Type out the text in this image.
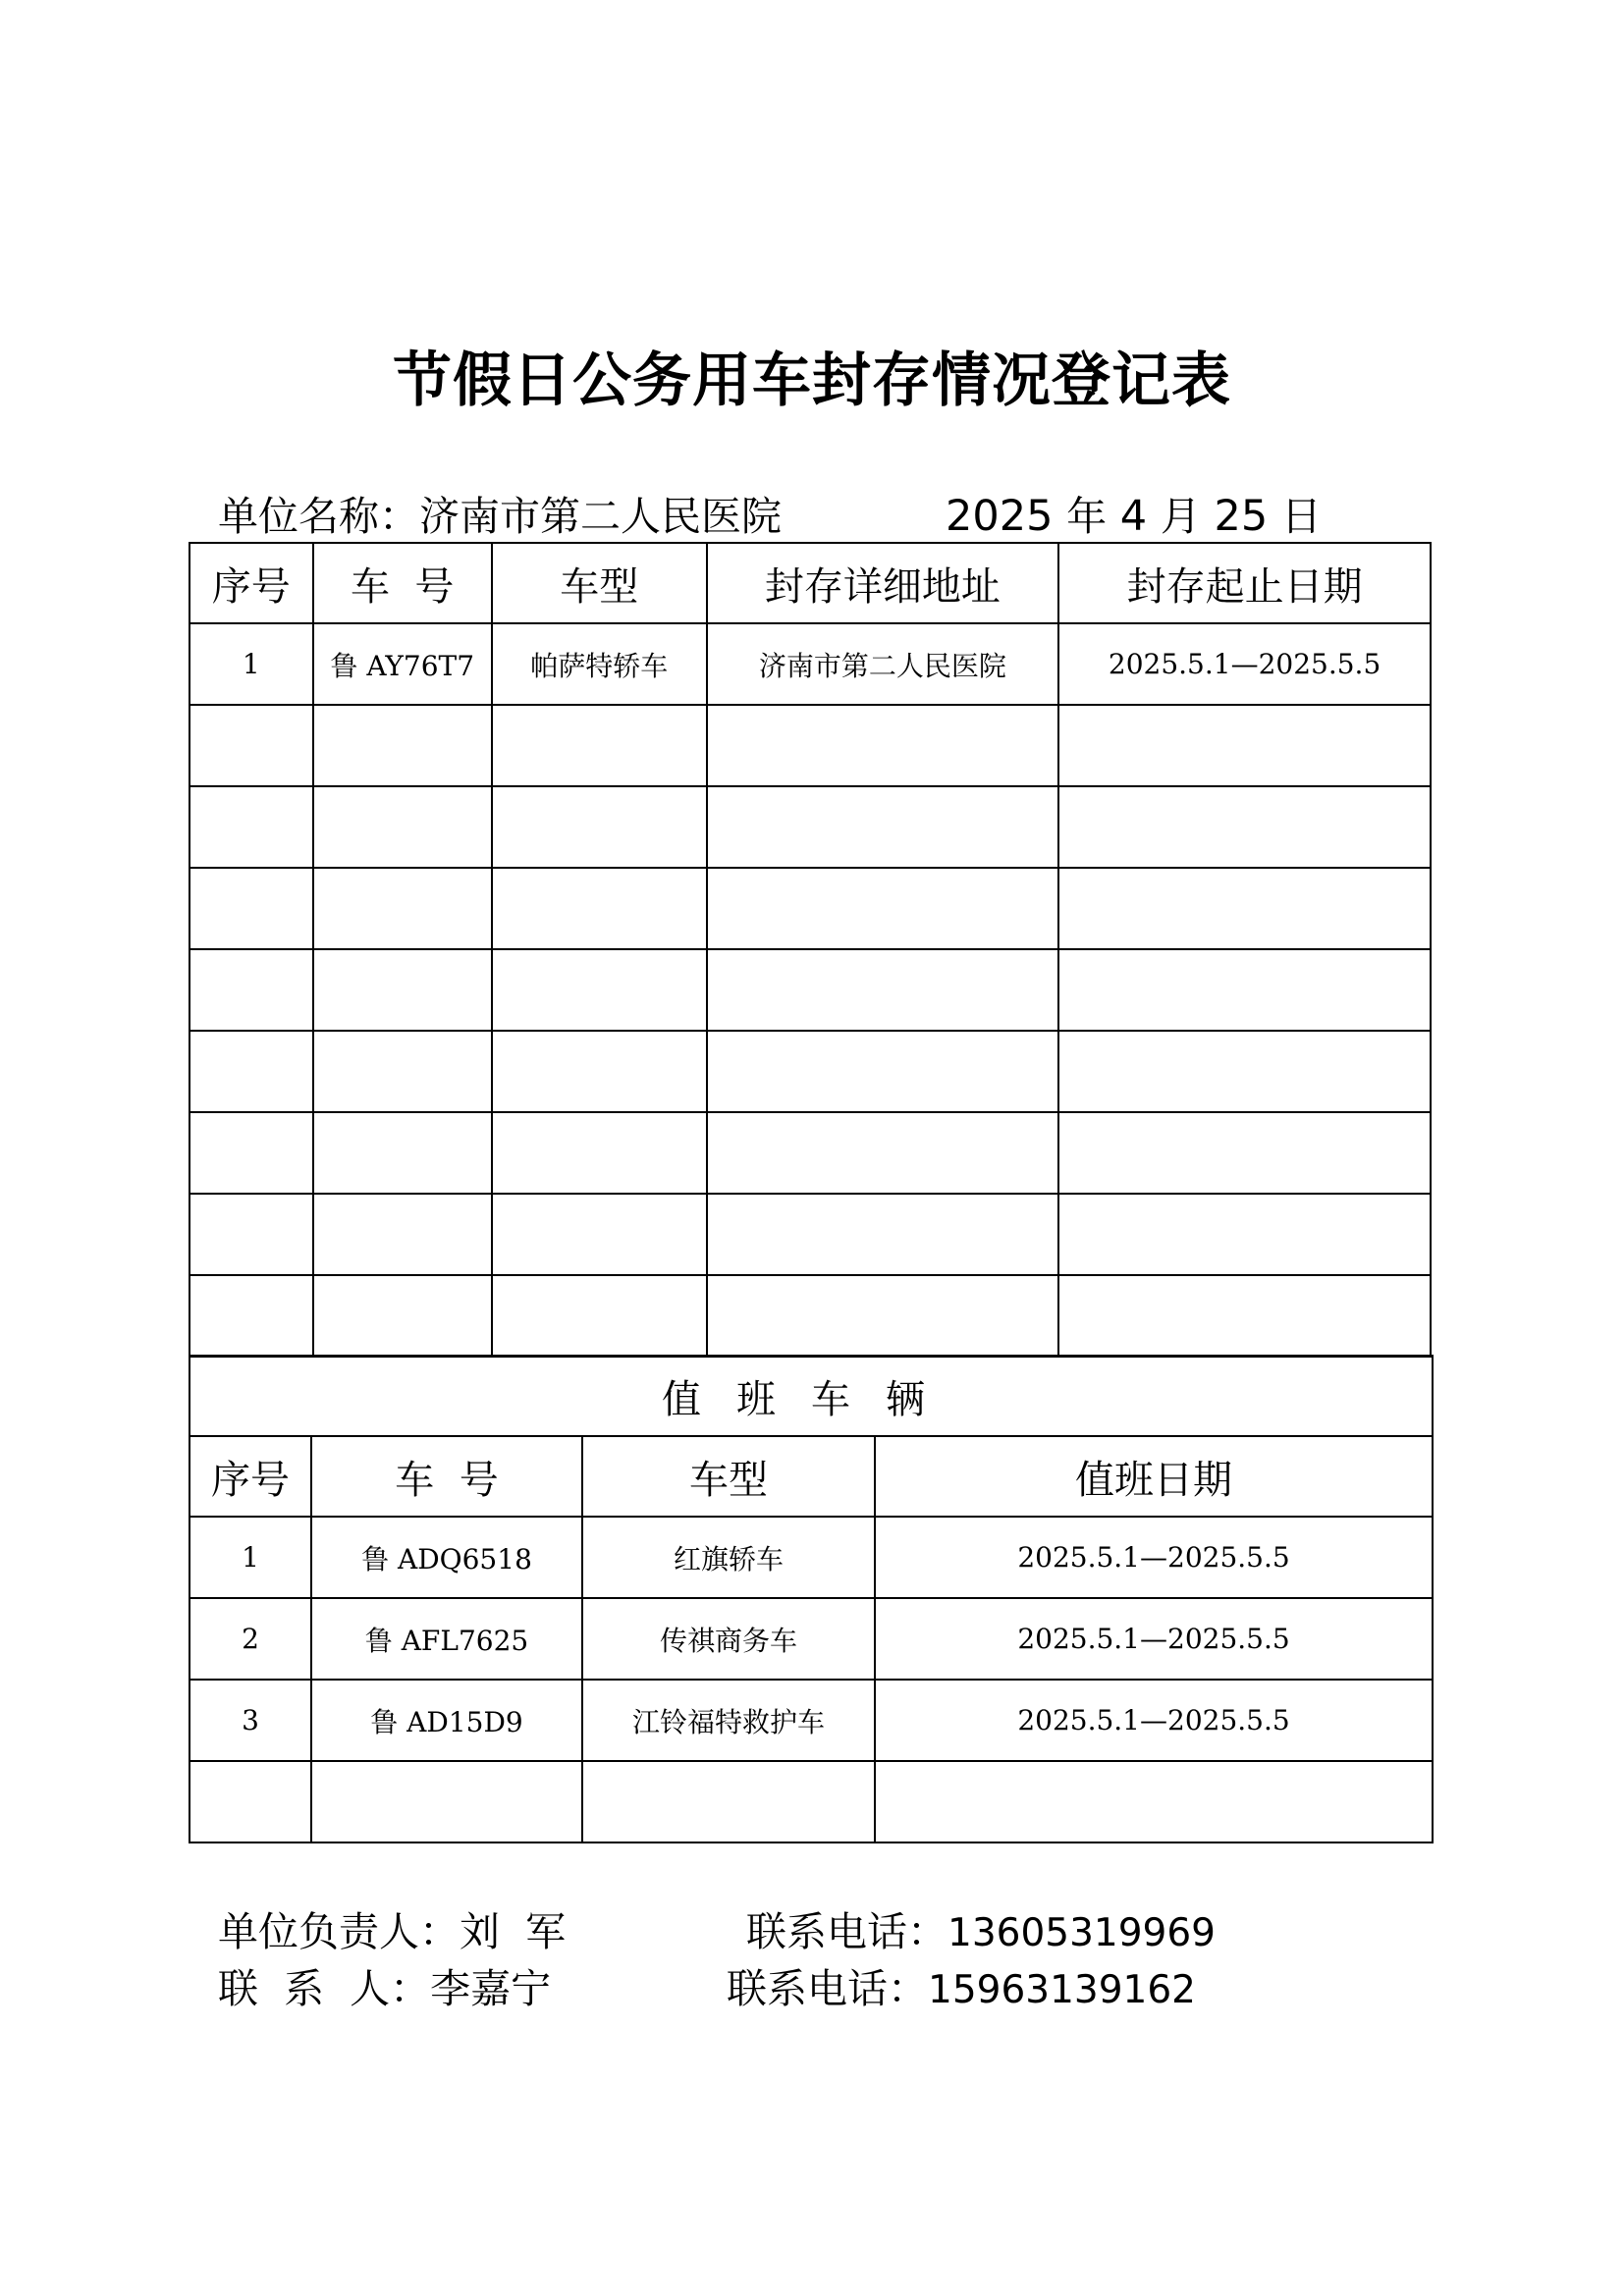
节假日公务用车封存情况登记表
单位名称：济南市第二人民医院	2025 年 4 月 25 日
序号	车  号	车型	封存详细地址	封存起止日期
1	鲁 AY76T7	帕萨特轿车	济南市第二人民医院	2025.5.1—2025.5.5

值班车辆			
序号	车  号	车型	值班日期
1	鲁 ADQ6518	红旗轿车	2025.5.1—2025.5.5
2	鲁 AFL7625	传祺商务车	2025.5.1—2025.5.5
3	鲁 AD15D9	江铃福特救护车	2025.5.1—2025.5.5

单位负责人：刘  军	联系电话：13605319969
联  系  人：李嘉宁	联系电话：15963139162
